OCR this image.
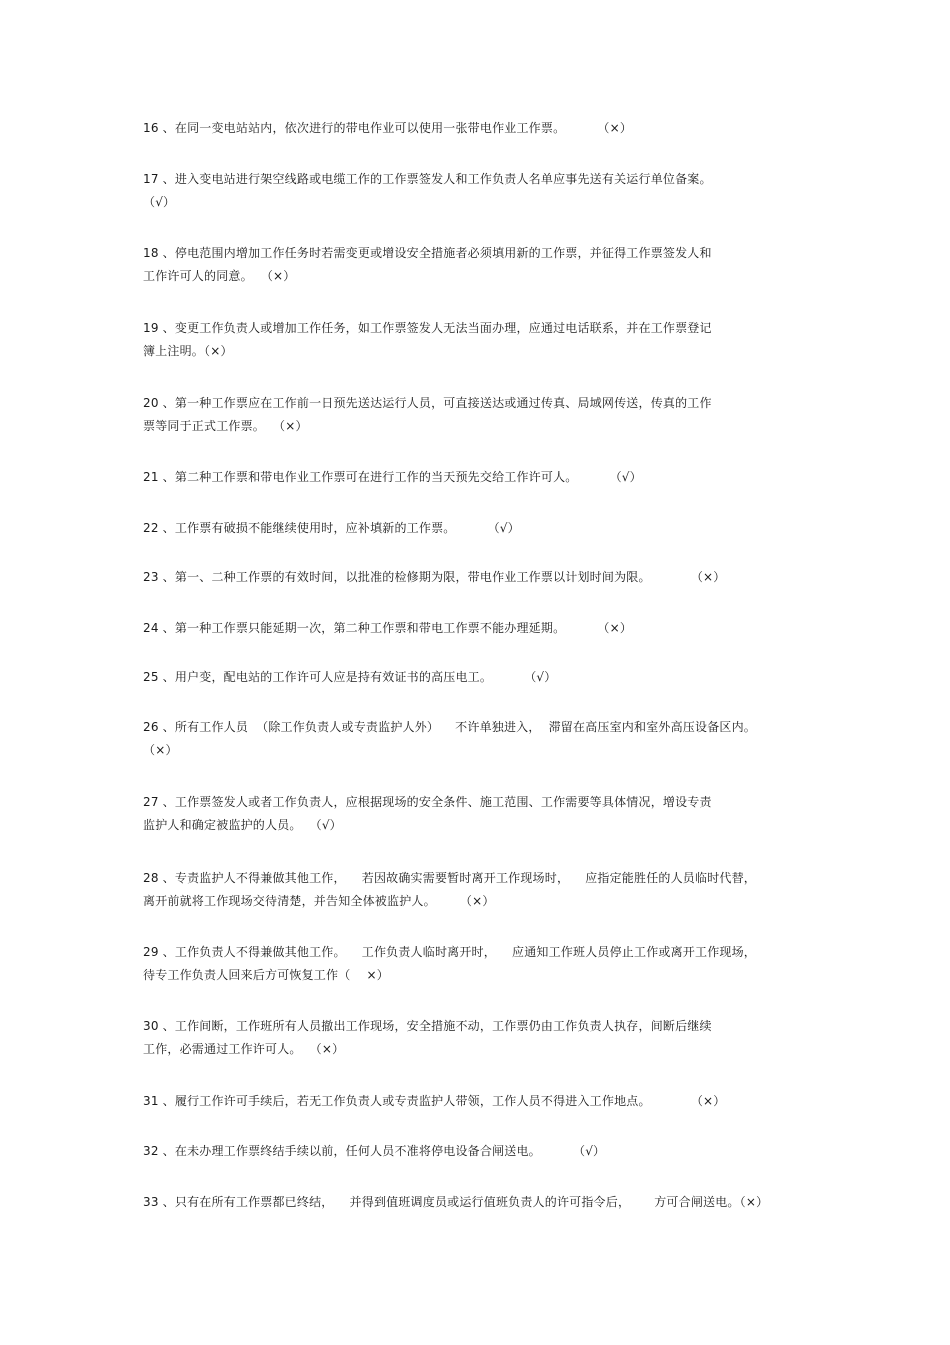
16 、在同一变电站站内，依次进行的带电作业可以使用一张带电作业工作票。        （×）
17 、进入变电站进行架空线路或电缆工作的工作票签发人和工作负责人名单应事先送有关运行单位备案。
（√）
18 、停电范围内增加工作任务时若需变更或增设安全措施者必须填用新的工作票，并征得工作票签发人和
工作许可人的同意。  （×）
19 、变更工作负责人或增加工作任务，如工作票签发人无法当面办理，应通过电话联系，并在工作票登记
簿上注明。（×）
20 、第一种工作票应在工作前一日预先送达运行人员，可直接送达或通过传真、局域网传送，传真的工作
票等同于正式工作票。  （×）
21 、第二种工作票和带电作业工作票可在进行工作的当天预先交给工作许可人。        （√）
22 、工作票有破损不能继续使用时，应补填新的工作票。        （√）
23 、第一、二种工作票的有效时间，以批准的检修期为限，带电作业工作票以计划时间为限。          （×）
24 、第一种工作票只能延期一次，第二种工作票和带电工作票不能办理延期。        （×）
25 、用户变，配电站的工作许可人应是持有效证书的高压电工。        （√）
26 、所有工作人员  （除工作负责人或专责监护人外）    不许单独进入，  滞留在高压室内和室外高压设备区内。
（×）
27 、工作票签发人或者工作负责人，应根据现场的安全条件、施工范围、工作需要等具体情况，增设专责
监护人和确定被监护的人员。  （√）
28 、专责监护人不得兼做其他工作，    若因故确实需要暂时离开工作现场时，    应指定能胜任的人员临时代替，
离开前就将工作现场交待清楚，并告知全体被监护人。      （×）
29 、工作负责人不得兼做其他工作。    工作负责人临时离开时，    应通知工作班人员停止工作或离开工作现场，
待专工作负责人回来后方可恢复工作（    ×）
30 、工作间断，工作班所有人员撤出工作现场，安全措施不动，工作票仍由工作负责人执存，间断后继续
工作，必需通过工作许可人。  （×）
31 、履行工作许可手续后，若无工作负责人或专责监护人带领，工作人员不得进入工作地点。          （×）
32 、在未办理工作票终结手续以前，任何人员不准将停电设备合闸送电。        （√）
33 、只有在所有工作票都已终结，    并得到值班调度员或运行值班负责人的许可指令后，      方可合闸送电。（×）
